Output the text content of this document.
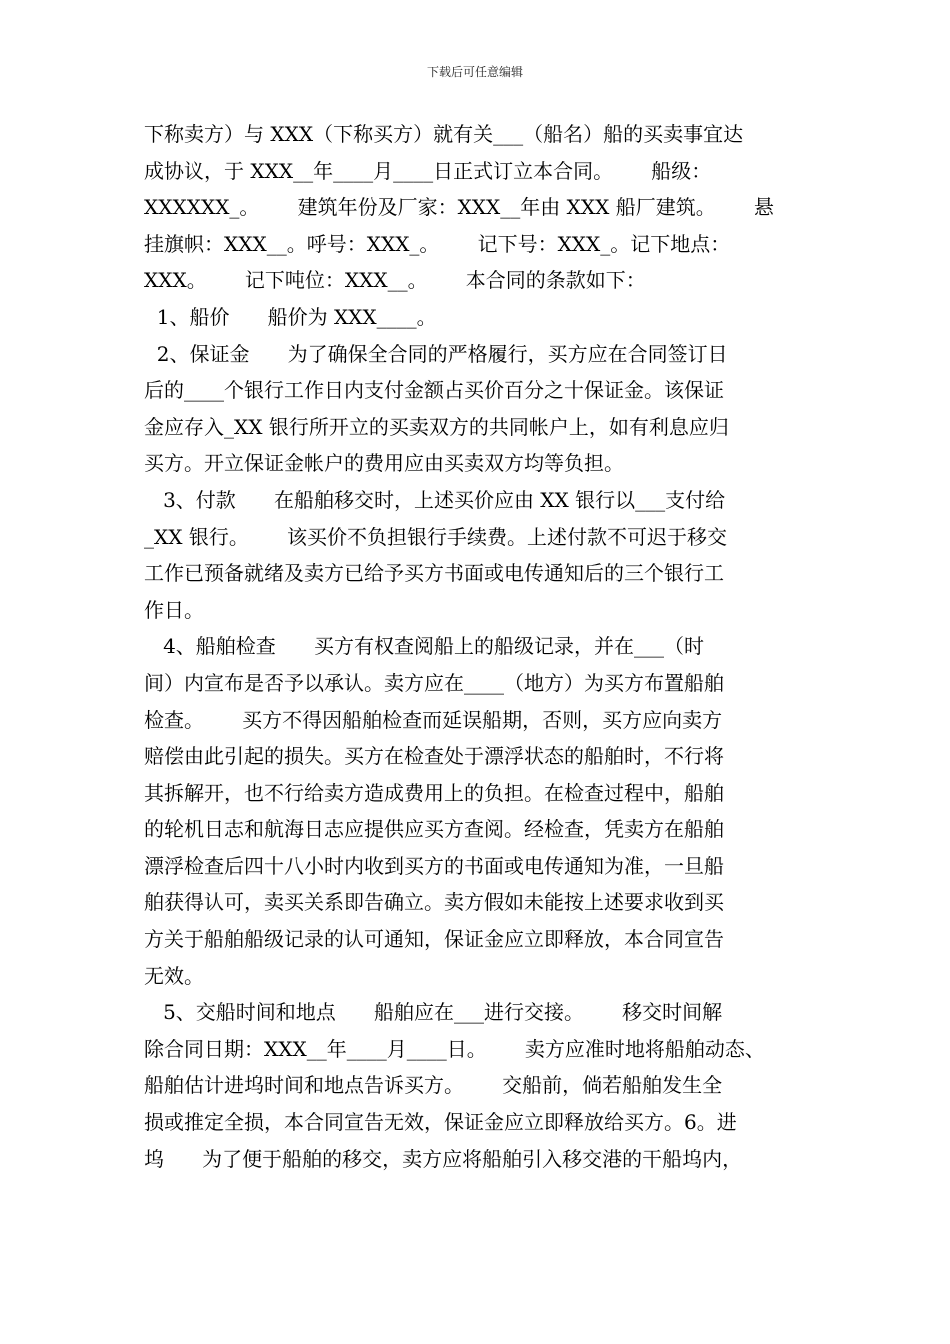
下载后可任意编辑
下称卖方）与 XXX（下称买方）就有关___（船名）船的买卖事宜达
成协议，于 XXX__年____月____日正式订立本合同。      船级：
XXXXXX_。      建筑年份及厂家：XXX__年由 XXX 船厂建筑。      悬
挂旗帜：XXX__。呼号：XXX_。      记下号：XXX_。记下地点：
XXX。      记下吨位：XXX__。      本合同的条款如下：
1、船价      船价为 XXX____。
2、保证金      为了确保全合同的严格履行，买方应在合同签订日
后的____个银行工作日内支付金额占买价百分之十保证金。该保证
金应存入_XX 银行所开立的买卖双方的共同帐户上，如有利息应归
买方。开立保证金帐户的费用应由买卖双方均等负担。
3、付款      在船舶移交时，上述买价应由 XX 银行以___支付给
_XX 银行。      该买价不负担银行手续费。上述付款不可迟于移交
工作已预备就绪及卖方已给予买方书面或电传通知后的三个银行工
作日。
4、船舶检查      买方有权查阅船上的船级记录，并在___（时
间）内宣布是否予以承认。卖方应在____（地方）为买方布置船舶
检查。      买方不得因船舶检查而延误船期，否则，买方应向卖方
赔偿由此引起的损失。买方在检查处于漂浮状态的船舶时，不行将
其拆解开，也不行给卖方造成费用上的负担。在检查过程中，船舶
的轮机日志和航海日志应提供应买方查阅。经检查，凭卖方在船舶
漂浮检查后四十八小时内收到买方的书面或电传通知为准，一旦船
舶获得认可，卖买关系即告确立。卖方假如未能按上述要求收到买
方关于船舶船级记录的认可通知，保证金应立即释放，本合同宣告
无效。
5、交船时间和地点      船舶应在___进行交接。      移交时间解
除合同日期：XXX__年____月____日。      卖方应准时地将船舶动态、
船舶估计进坞时间和地点告诉买方。      交船前，倘若船舶发生全
损或推定全损，本合同宣告无效，保证金应立即释放给买方。6。进
坞      为了便于船舶的移交，卖方应将船舶引入移交港的干船坞内，
